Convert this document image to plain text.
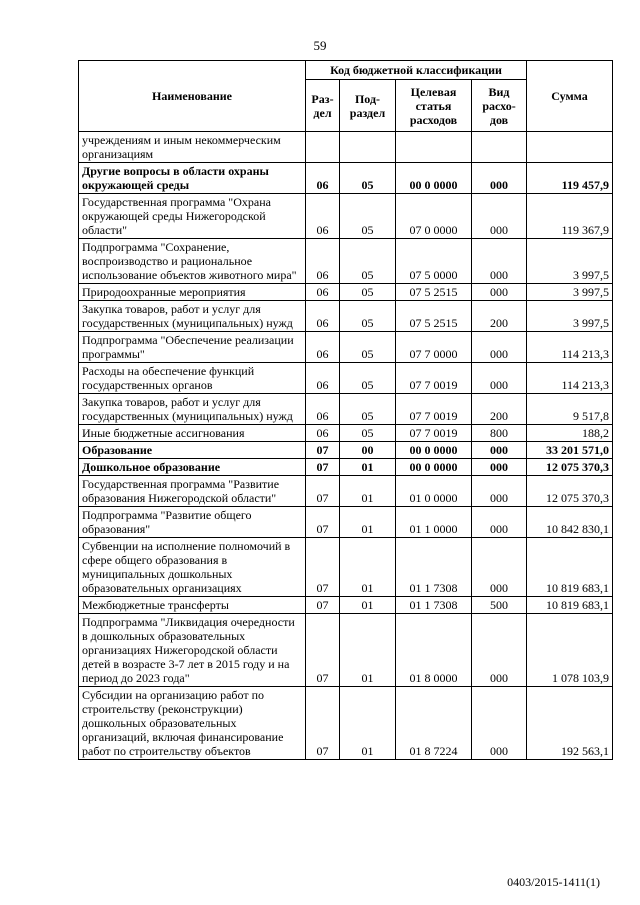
59
Наименование	Код бюджетной классификации				Сумма
	Раз-дел	Под-раздел	Целевая статья расходов	Вид расхо-дов	
учреждениям и иным некоммерческим организациям					
Другие вопросы в области охраны окружающей среды	06	05	00 0 0000	000	119 457,9
Государственная программа "Охрана окружающей среды Нижегородской области"	06	05	07 0 0000	000	119 367,9
Подпрограмма "Сохранение, воспроизводство и рациональное использование объектов животного мира"	06	05	07 5 0000	000	3 997,5
Природоохранные мероприятия	06	05	07 5 2515	000	3 997,5
Закупка товаров, работ и услуг для государственных (муниципальных) нужд	06	05	07 5 2515	200	3 997,5
Подпрограмма "Обеспечение реализации программы"	06	05	07 7 0000	000	114 213,3
Расходы на обеспечение функций государственных органов	06	05	07 7 0019	000	114 213,3
Закупка товаров, работ и услуг для государственных (муниципальных) нужд	06	05	07 7 0019	200	9 517,8
Иные бюджетные ассигнования	06	05	07 7 0019	800	188,2
Образование	07	00	00 0 0000	000	33 201 571,0
Дошкольное образование	07	01	00 0 0000	000	12 075 370,3
Государственная программа "Развитие образования Нижегородской области"	07	01	01 0 0000	000	12 075 370,3
Подпрограмма "Развитие общего образования"	07	01	01 1 0000	000	10 842 830,1
Субвенции на исполнение полномочий в сфере общего образования в муниципальных дошкольных образовательных организациях	07	01	01 1 7308	000	10 819 683,1
Межбюджетные трансферты	07	01	01 1 7308	500	10 819 683,1
Подпрограмма "Ликвидация очередности в дошкольных образовательных организациях Нижегородской области детей в возрасте 3-7 лет в 2015 году и на период до 2023 года"	07	01	01 8 0000	000	1 078 103,9
Субсидии на организацию работ по строительству (реконструкции) дошкольных образовательных организаций, включая финансирование работ по строительству объектов	07	01	01 8 7224	000	192 563,1
0403/2015-1411(1)
